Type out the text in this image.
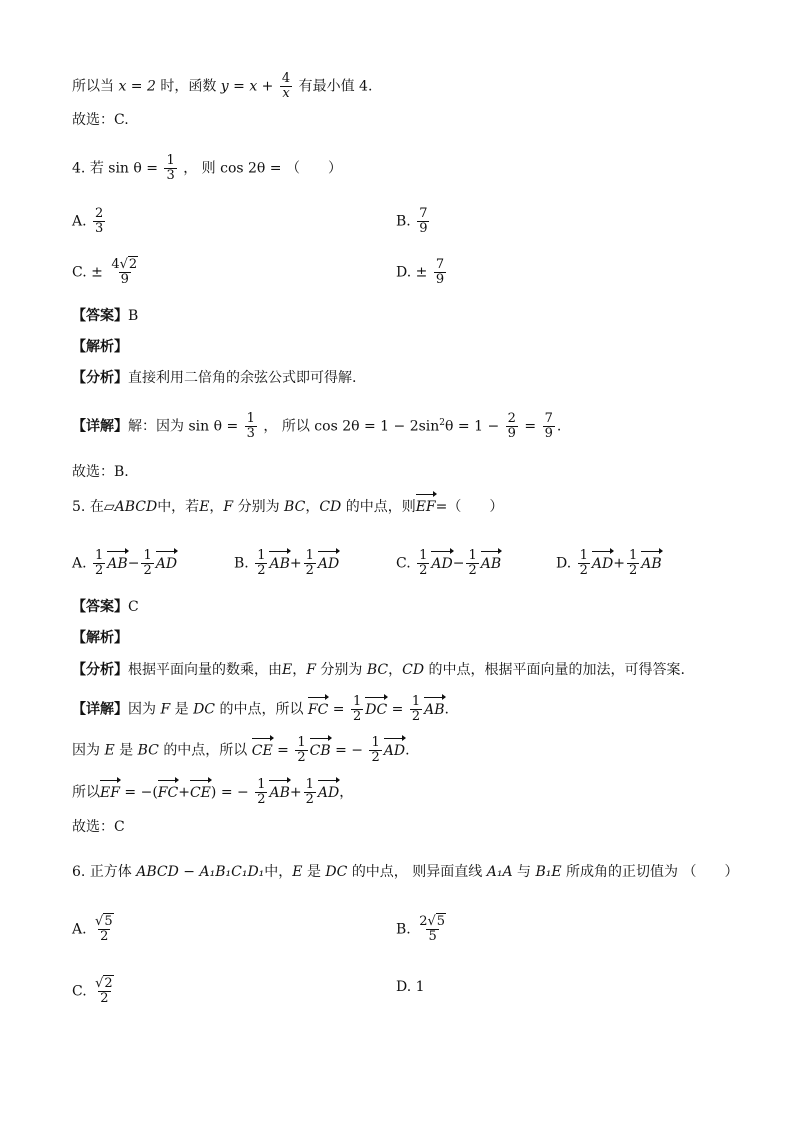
所以当 x = 2 时，函数 $y = x + \frac{4}{x}$ 有最小值 4.
故选：C.
4. 若 $\sin \theta = \frac{1}{3}$ ， 则 cos 2θ = （　　）
A. $\frac{2}{3}$	B. $\frac{7}{9}$
C. ± $\frac{4√2}{9}$	D. ± $\frac{7}{9}$
【答案】B
【解析】
【分析】直接利用二倍角的余弦公式即可得解.
【详解】解：因为 $\sin \theta = \frac{1}{3}$ ， 所以 $\cos 2\theta = 1 - 2\sin^2\theta = 1 - \frac{2}{9} = \frac{7}{9}$ .
故选：B.
5. 在▱ABCD中，若E，F 分别为 BC，CD 的中点，则EF=（　　）
A. $\frac{1}{2} AB- \frac{1}{2}$ AD	B. $\frac{1}{2} AB+ \frac{1}{2}$ AD	C. $\frac{1}{2} AD- \frac{1}{2}$ AB	D. $\frac{1}{2} AD+ \frac{1}{2}$ AB
【答案】C
【解析】
【分析】根据平面向量的数乘，由E，F 分别为 BC，CD 的中点，根据平面向量的加法，可得答案.
【详解】因为 F 是 DC 的中点，所以 FC = $\frac{1}{2}$ DC = $\frac{1}{2}$ AB.
因为 E 是 BC 的中点，所以 CE = $\frac{1}{2}$ CB = − $\frac{1}{2}$ AD.
所以EF = −(FC+CE) = − $\frac{1}{2} AB+ \frac{1}{2}$ AD，
故选：C
6. 正方体 ABCD − A₁B₁C₁D₁中，E 是 DC 的中点， 则异面直线 A₁A 与 B₁E 所成角的正切值为 （　　）
A. $\frac{√5}{2}$	B. $\frac{2√5}{5}$
C. $\frac{√2}{2}$	D. 1
